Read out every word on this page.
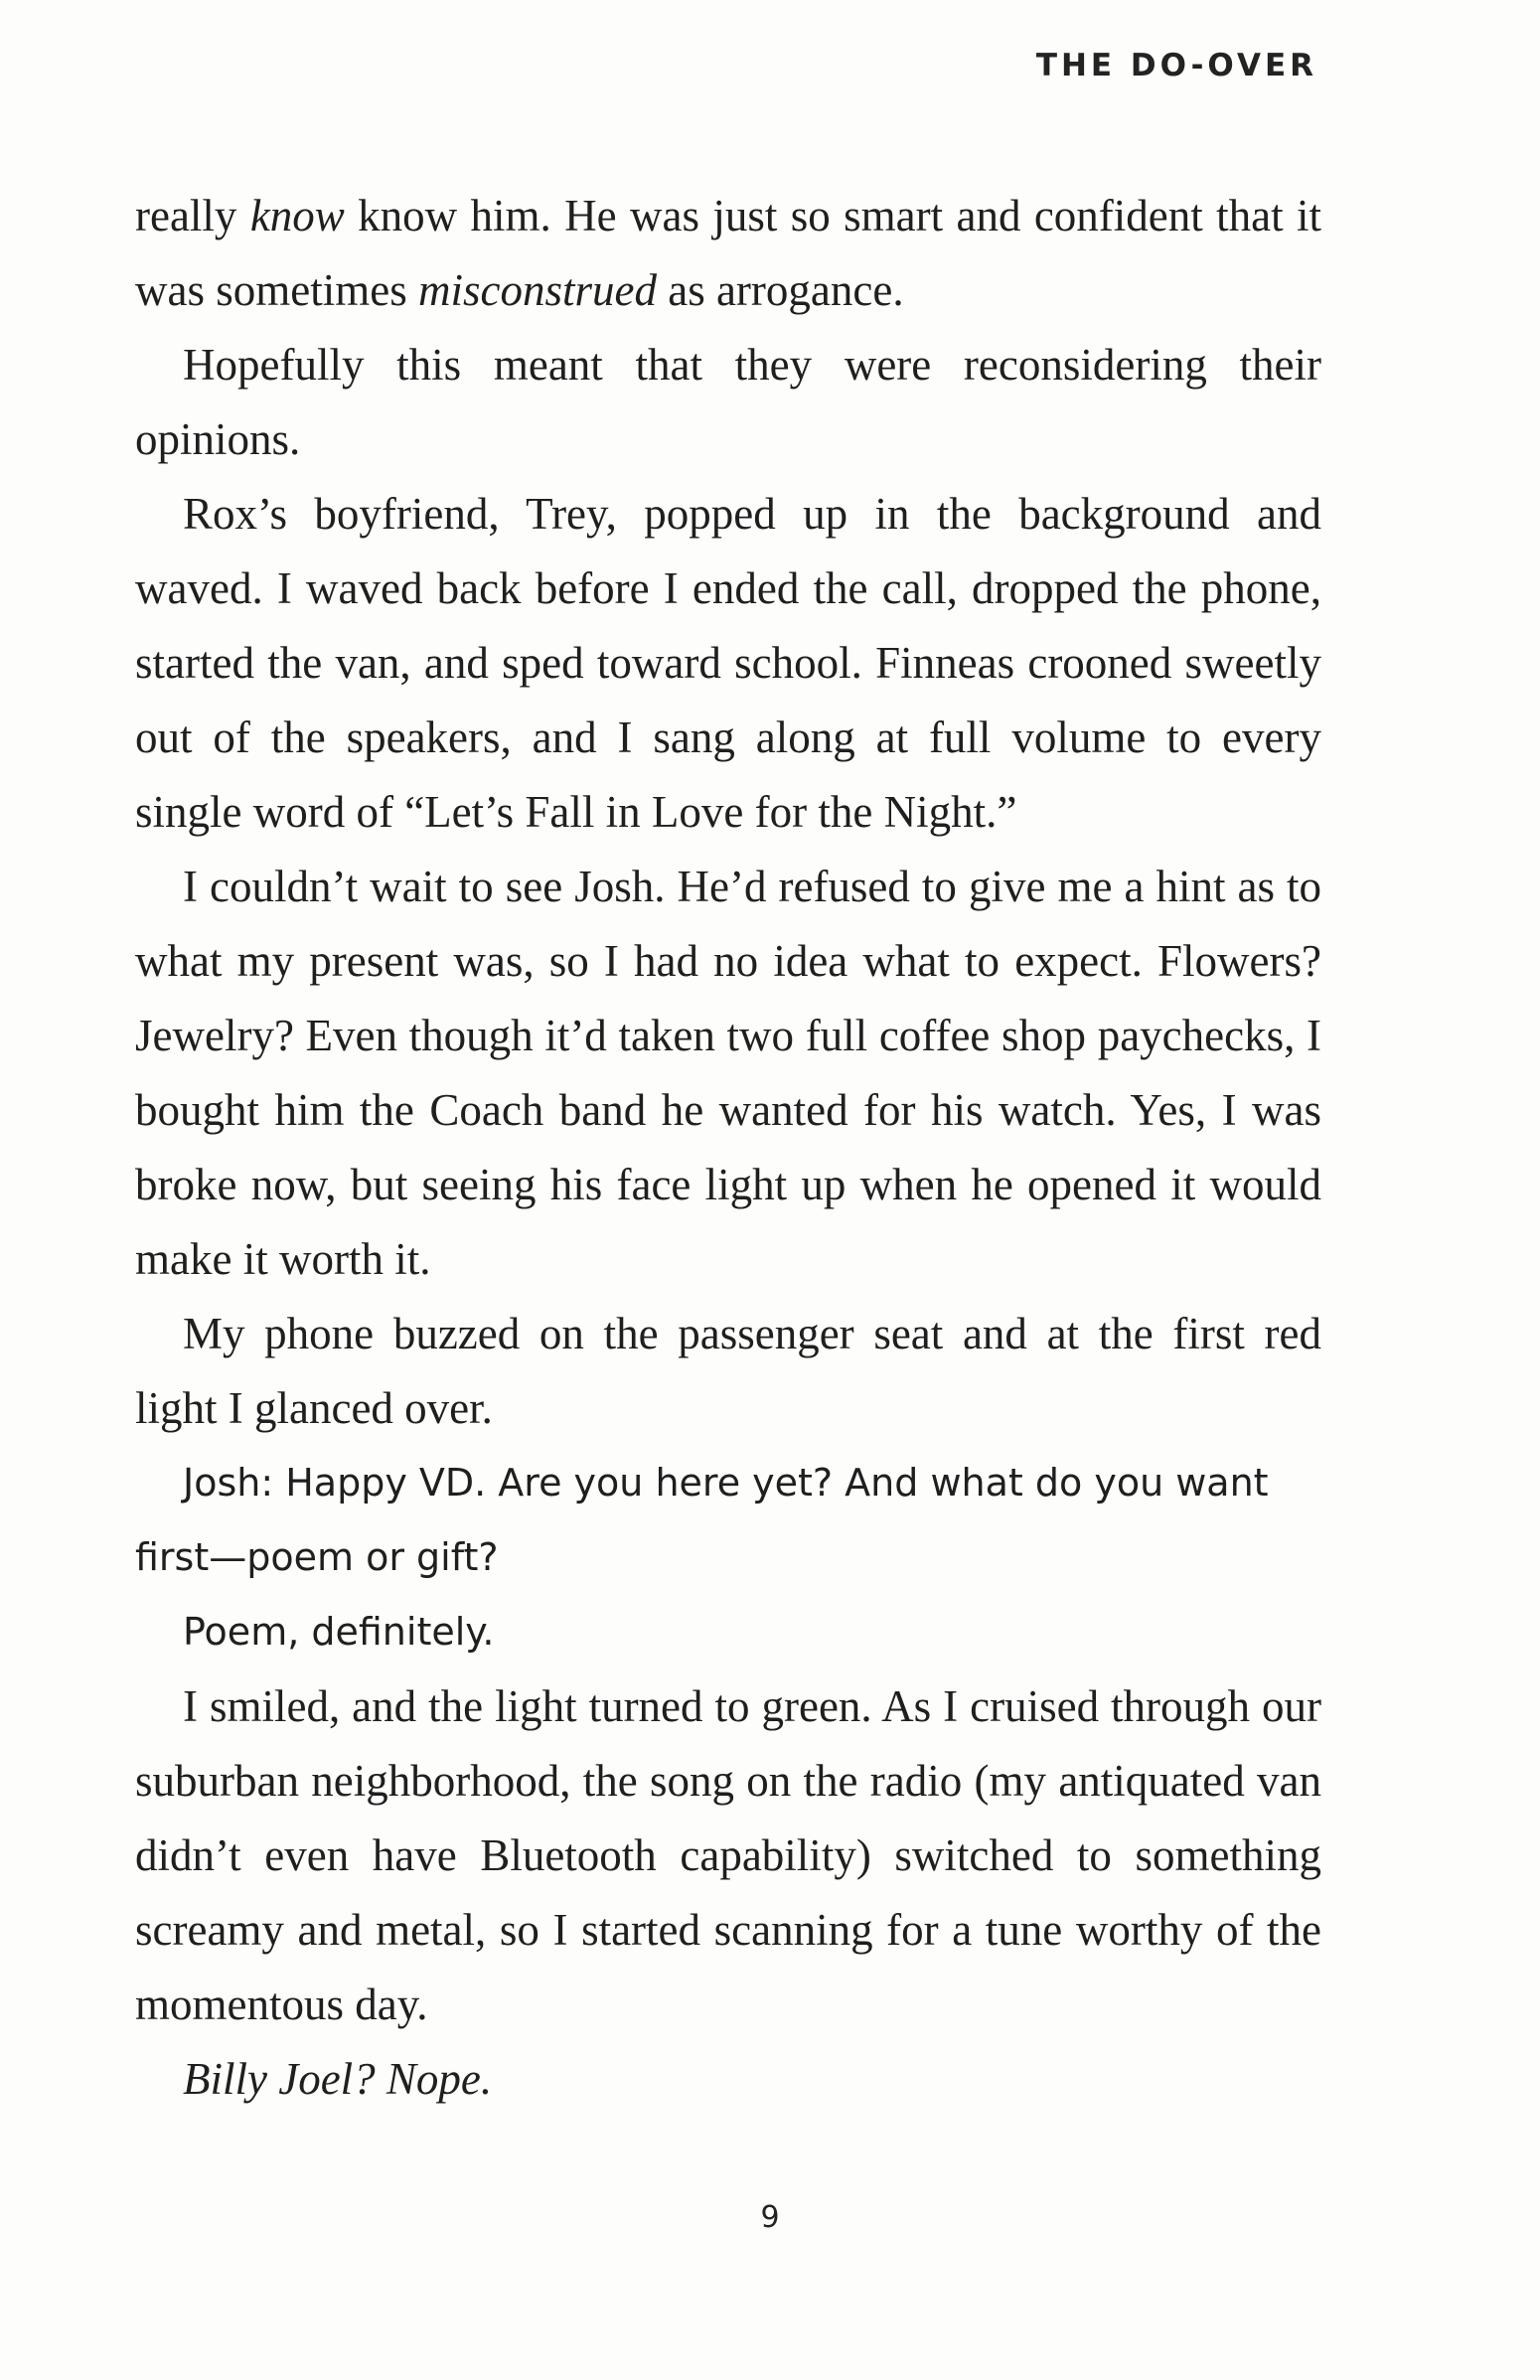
THE DO-OVER

really know know him. He was just so smart and confident that it was sometimes misconstrued as arrogance.

Hopefully this meant that they were reconsidering their opinions.

Rox’s boyfriend, Trey, popped up in the background and waved. I waved back before I ended the call, dropped the phone, started the van, and sped toward school. Finneas crooned sweetly out of the speakers, and I sang along at full volume to every single word of “Let’s Fall in Love for the Night.”

I couldn’t wait to see Josh. He’d refused to give me a hint as to what my present was, so I had no idea what to expect. Flowers? Jewelry? Even though it’d taken two full coffee shop paychecks, I bought him the Coach band he wanted for his watch. Yes, I was broke now, but seeing his face light up when he opened it would make it worth it.

My phone buzzed on the passenger seat and at the first red light I glanced over.

Josh: Happy VD. Are you here yet? And what do you want first—poem or gift?

Poem, definitely.

I smiled, and the light turned to green. As I cruised through our suburban neighborhood, the song on the radio (my antiquated van didn’t even have Bluetooth capability) switched to something screamy and metal, so I started scanning for a tune worthy of the momentous day.

Billy Joel? Nope.

9
